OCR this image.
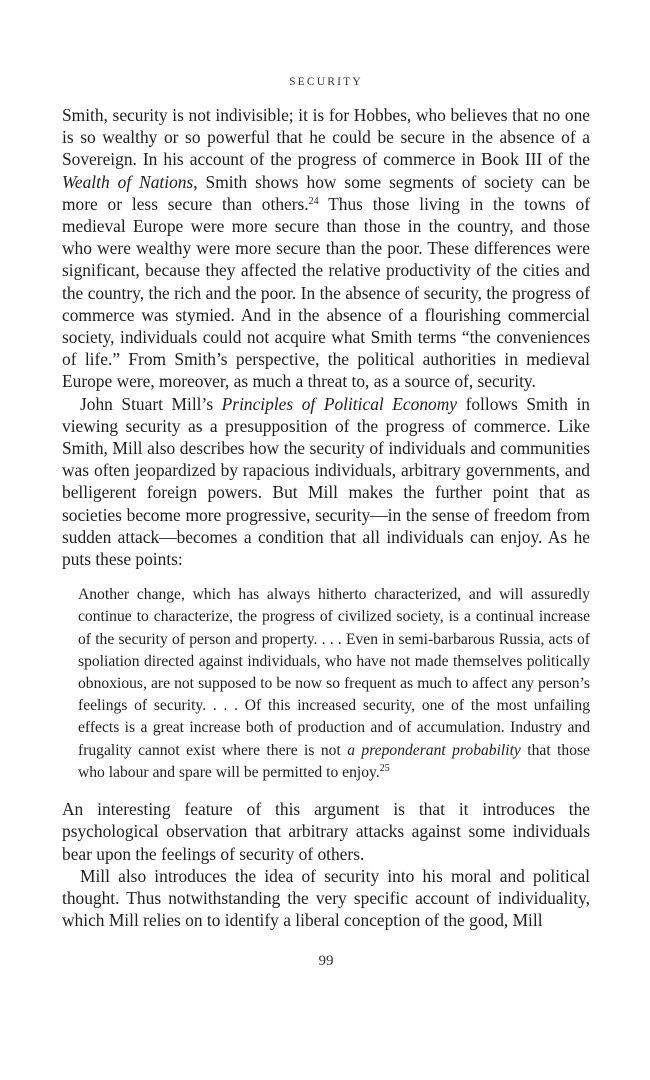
SECURITY

Smith, security is not indivisible; it is for Hobbes, who believes that no one is so wealthy or so powerful that he could be secure in the absence of a Sovereign. In his account of the progress of commerce in Book III of the Wealth of Nations, Smith shows how some segments of society can be more or less secure than others.$^{24}$ Thus those living in the towns of medieval Europe were more secure than those in the country, and those who were wealthy were more secure than the poor. These differences were significant, because they affected the relative productivity of the cities and the country, the rich and the poor. In the absence of security, the progress of commerce was stymied. And in the absence of a flourishing commercial society, individuals could not acquire what Smith terms “the conveniences of life.” From Smith’s perspective, the political authorities in medieval Europe were, moreover, as much a threat to, as a source of, security.

John Stuart Mill’s Principles of Political Economy follows Smith in viewing security as a presupposition of the progress of commerce. Like Smith, Mill also describes how the security of individuals and communities was often jeopardized by rapacious individuals, arbitrary governments, and belligerent foreign powers. But Mill makes the further point that as societies become more progressive, security—in the sense of freedom from sudden attack—becomes a condition that all individuals can enjoy. As he puts these points:

Another change, which has always hitherto characterized, and will assuredly continue to characterize, the progress of civilized society, is a continual increase of the security of person and property. . . . Even in semi-barbarous Russia, acts of spoliation directed against individuals, who have not made themselves politically obnoxious, are not supposed to be now so frequent as much to affect any person’s feelings of security. . . . Of this increased security, one of the most unfailing effects is a great increase both of production and of accumulation. Industry and frugality cannot exist where there is not a preponderant probability that those who labour and spare will be permitted to enjoy.$^{25}$

An interesting feature of this argument is that it introduces the psychological observation that arbitrary attacks against some individuals bear upon the feelings of security of others.

Mill also introduces the idea of security into his moral and political thought. Thus notwithstanding the very specific account of individuality, which Mill relies on to identify a liberal conception of the good, Mill

99
